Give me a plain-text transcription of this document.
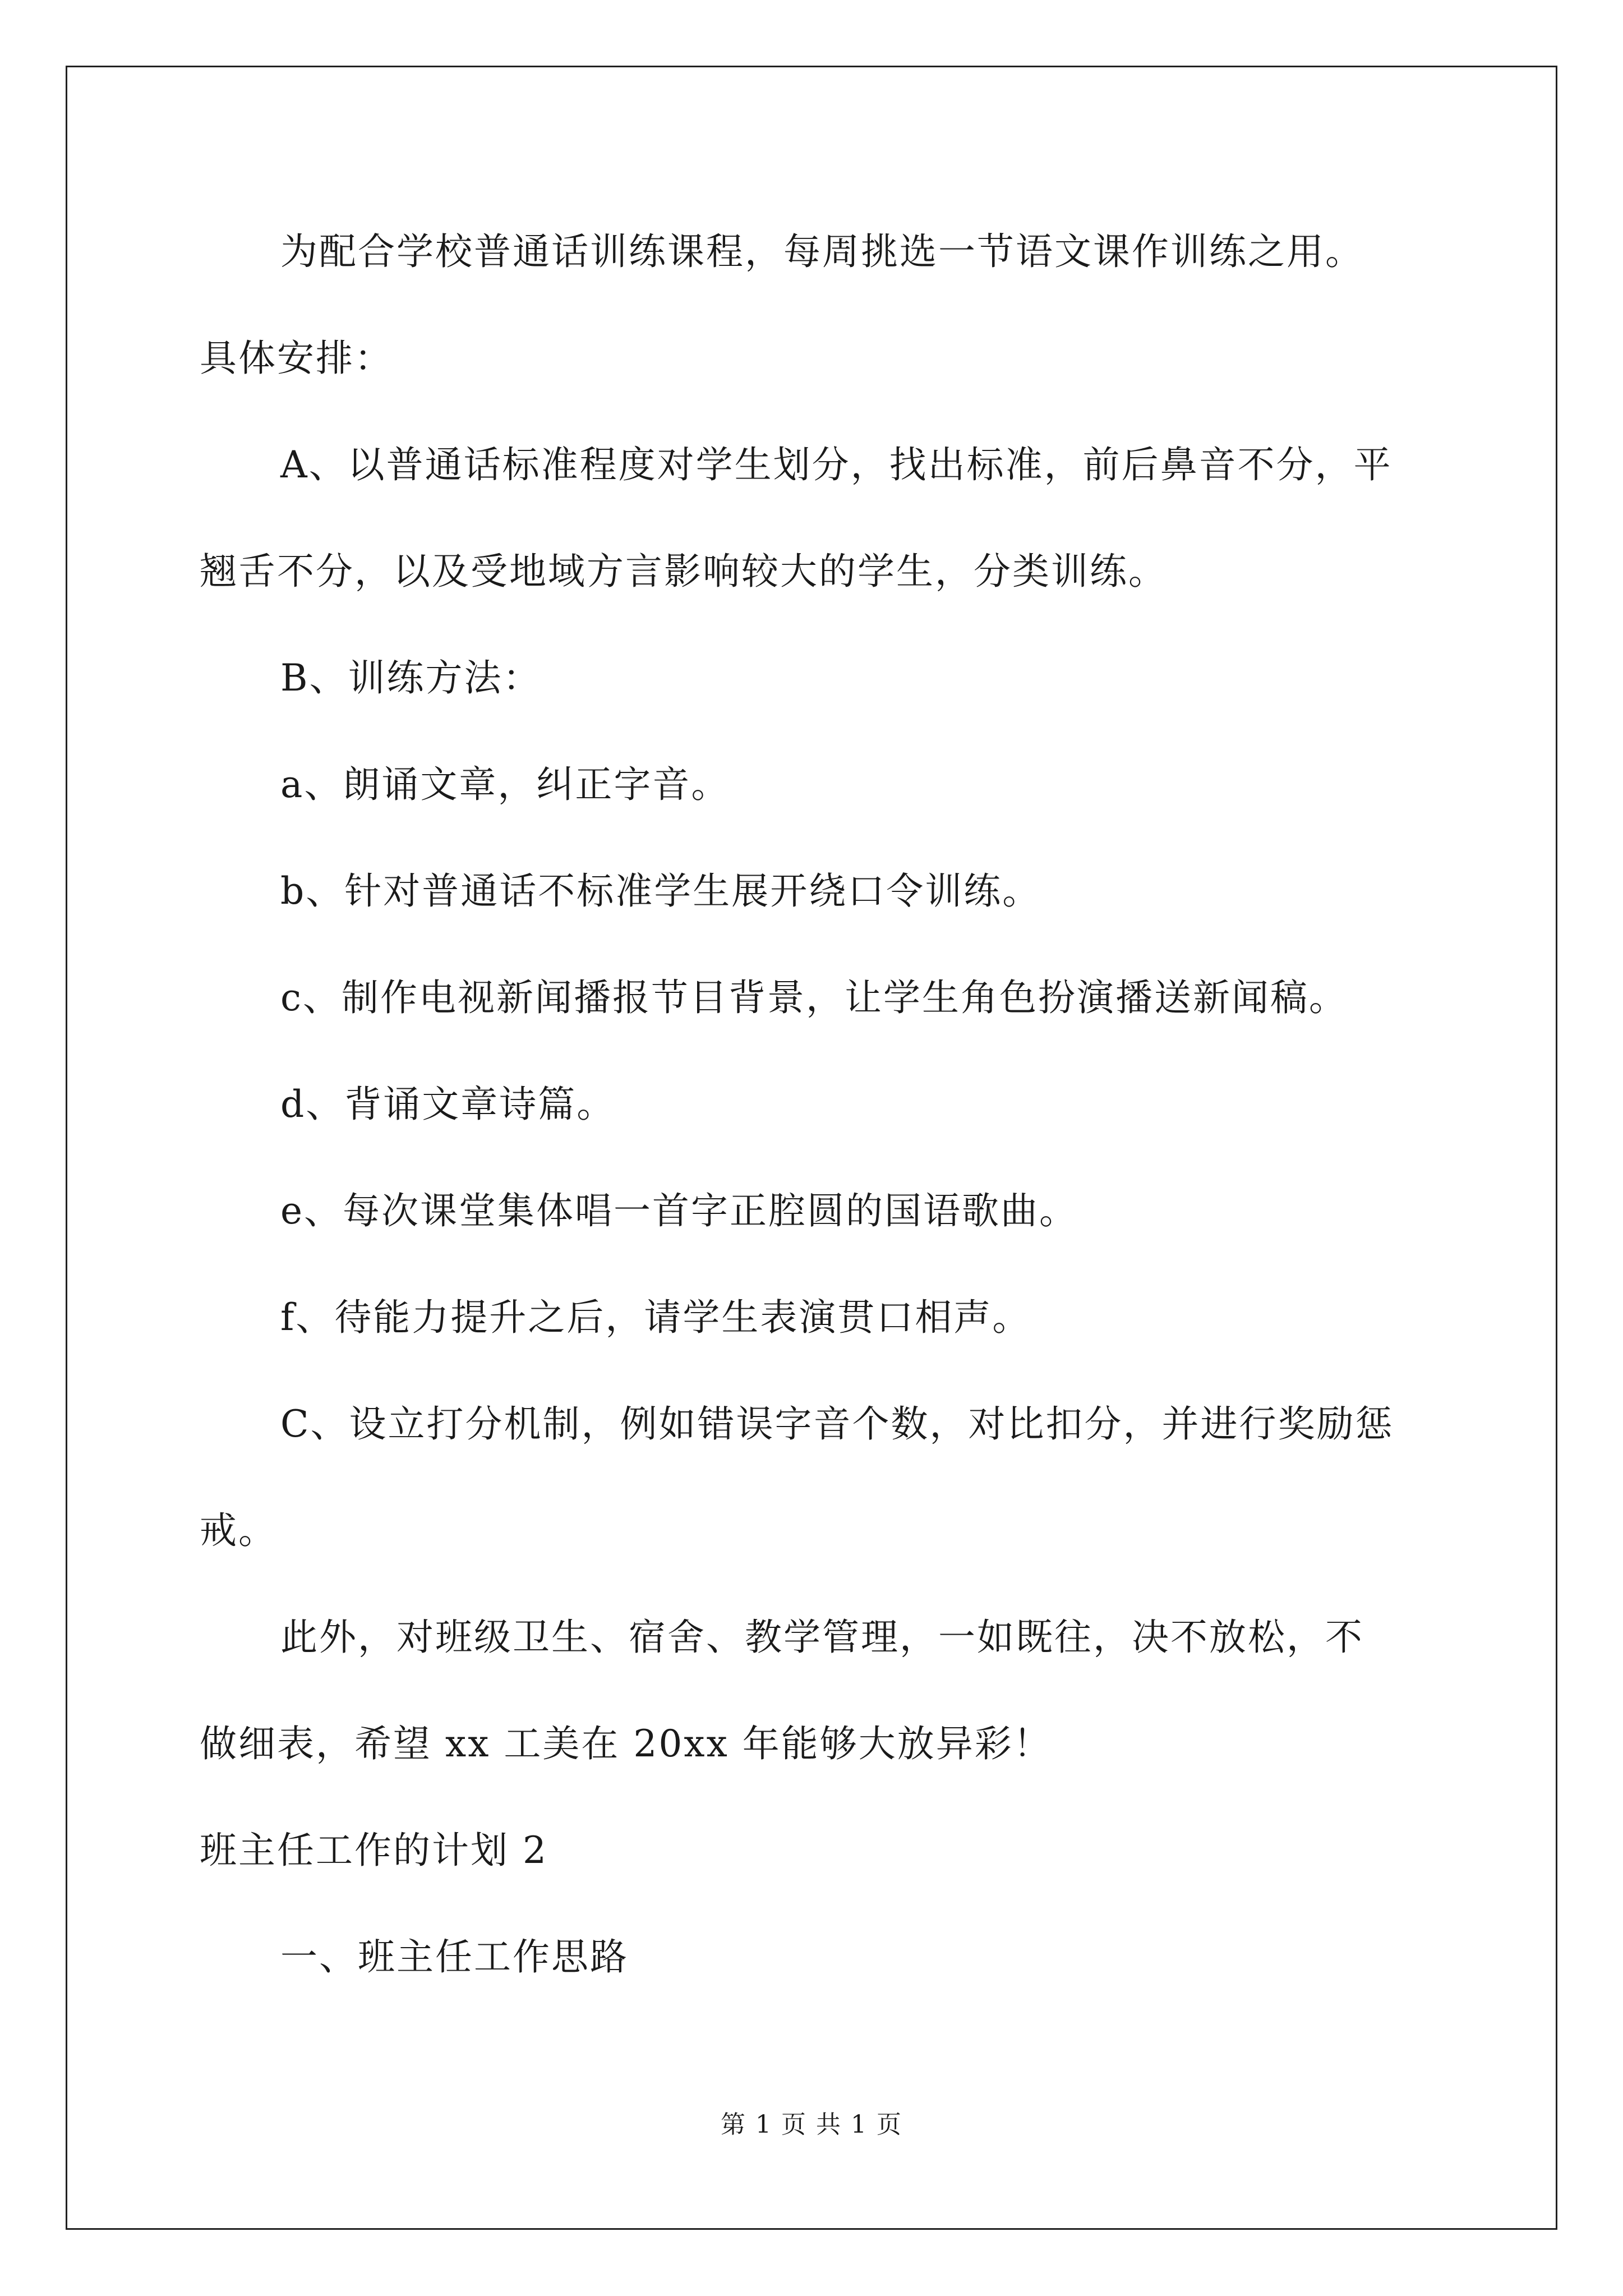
为配合学校普通话训练课程，每周挑选一节语文课作训练之用。
具体安排：
A、以普通话标准程度对学生划分，找出标准，前后鼻音不分，平
翘舌不分，以及受地域方言影响较大的学生，分类训练。
B、训练方法：
a、朗诵文章，纠正字音。
b、针对普通话不标准学生展开绕口令训练。
c、制作电视新闻播报节目背景，让学生角色扮演播送新闻稿。
d、背诵文章诗篇。
e、每次课堂集体唱一首字正腔圆的国语歌曲。
f、待能力提升之后，请学生表演贯口相声。
C、设立打分机制，例如错误字音个数，对比扣分，并进行奖励惩
戒。
此外，对班级卫生、宿舍、教学管理，一如既往，决不放松，不
做细表，希望 xx 工美在 20xx 年能够大放异彩！
班主任工作的计划 2
一、班主任工作思路
第 1 页 共 1 页
